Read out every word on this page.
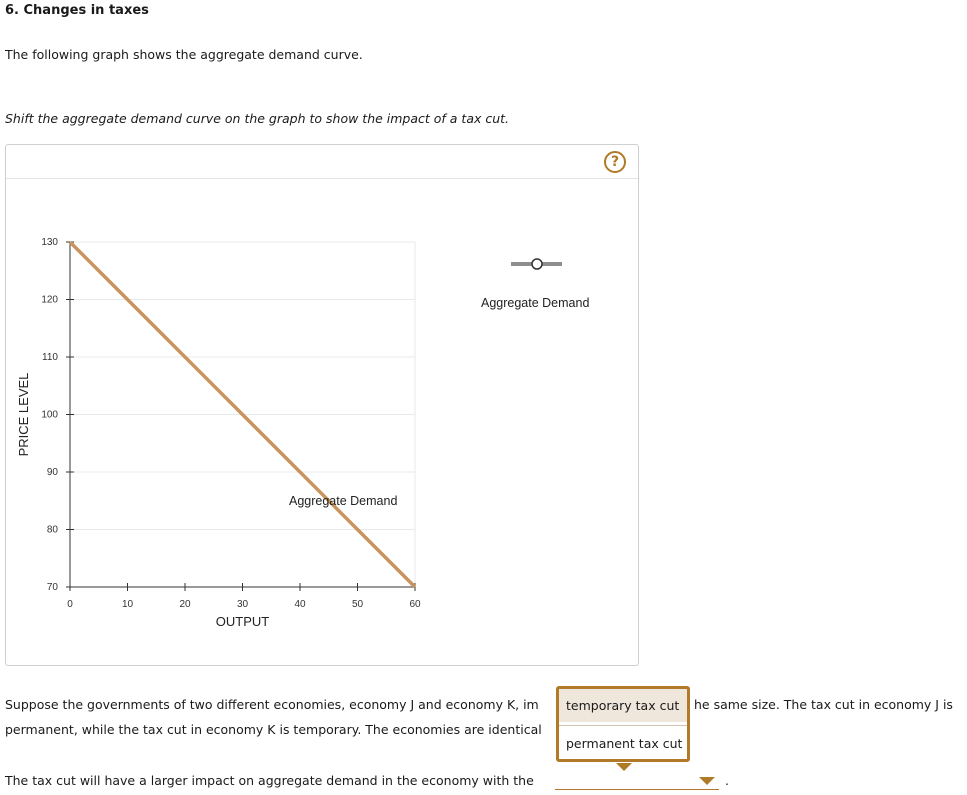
6. Changes in taxes
The following graph shows the aggregate demand curve.
Shift the aggregate demand curve on the graph to show the impact of a tax cut.
?
70
80
90
100
110
120
130
0	10	20	30	40	50	60
OUTPUT
PRICE LEVEL
Aggregate Demand
Aggregate Demand
Suppose the governments of two different economies, economy J and economy K, im	he same size. The tax cut in economy J is
permanent, while the tax cut in economy K is temporary. The economies are identical
The tax cut will have a larger impact on aggregate demand in the economy with the	.
temporary tax cut
permanent tax cut
